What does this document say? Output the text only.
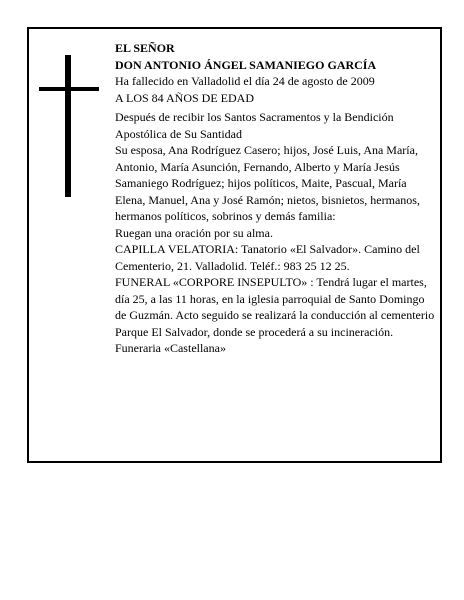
EL SEÑOR

DON ANTONIO ÁNGEL SAMANIEGO GARCÍA

Ha fallecido en Valladolid el día 24 de agosto de 2009

A LOS 84 AÑOS DE EDAD

Después de recibir los Santos Sacramentos y la Bendición Apostólica de Su Santidad

Su esposa, Ana Rodríguez Casero; hijos, José Luis, Ana María, Antonio, María Asunción, Fernando, Alberto y María Jesús Samaniego Rodríguez; hijos políticos, Maite, Pascual, María Elena, Manuel, Ana y José Ramón; nietos, bisnietos, hermanos, hermanos políticos, sobrinos y demás familia:

Ruegan una oración por su alma.

CAPILLA VELATORIA: Tanatorio «El Salvador». Camino del Cementerio, 21. Valladolid. Teléf.: 983 25 12 25.

FUNERAL «CORPORE INSEPULTO» : Tendrá lugar el martes, día 25, a las 11 horas, en la iglesia parroquial de Santo Domingo de Guzmán. Acto seguido se realizará la conducción al cementerio Parque El Salvador, donde se procederá a su incineración.

Funeraria «Castellana»
